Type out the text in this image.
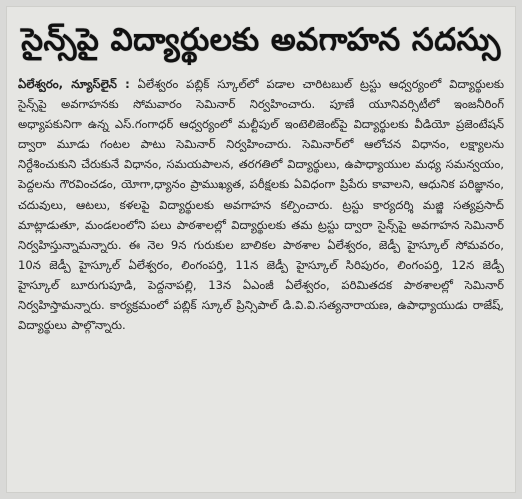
సైన్స్‌పై విద్యార్థులకు అవగాహన సదస్సు

ఏలేశ్వరం, న్యూస్‌లైన్ : ఏలేశ్వరం పబ్లిక్ స్కూల్‌లో పడాల చారిటబుల్ ట్రస్టు ఆధ్వర్యంలో విద్యార్థులకు సైన్స్‌పై అవగాహనకు సోమవారం సెమినార్ నిర్వహించారు. పూణే యూనివర్సిటీలో ఇంజనీరింగ్ అధ్యాపకునిగా ఉన్న ఎస్.గంగాధర్ ఆధ్వర్యంలో మల్టీపుల్ ఇంటెలిజెంట్‌పై విద్యార్థులకు వీడియో ప్రజెంటేషన్ ద్వారా మూడు గంటల పాటు సెమినార్ నిర్వహించారు. సెమినార్‌లో ఆలోచన విధానం, లక్ష్యాలను నిర్దేశించుకుని చేరుకునే విధానం, సమయపాలన, తరగతిలో విద్యార్థులు, ఉపాధ్యాయుల మధ్య సమన్వయం, పెద్దలను గౌరవించడం, యోగా,ధ్యానం ప్రాముఖ్యత, పరీక్షలకు ఏవిధంగా ప్రిపేరు కావాలని, ఆధునిక పరిజ్ఞానం, చదువులు, ఆటలు, కళలపై విద్యార్థులకు అవగాహన కల్పించారు. ట్రస్టు కార్యదర్శి మజ్జి సత్యప్రసాద్ మాట్లాడుతూ, మండలంలోని పలు పాఠశాలల్లో విద్యార్థులకు తమ ట్రస్టు ద్వారా సైన్స్‌పై అవగాహన సెమినార్ నిర్వహిస్తున్నామన్నారు. ఈ నెల 9న గురుకుల బాలికల పాఠశాల ఏలేశ్వరం, జెడ్పీ హైస్కూల్ సోమవరం, 10న జెడ్పీ హైస్కూల్ ఏలేశ్వరం, లింగంపర్తి, 11న జెడ్పీ హైస్కూల్ సిరిపురం, లింగంపర్తి, 12న జెడ్పీ హైస్కూల్ బూరుగుపూడి, పెద్దనాపల్లి, 13న ఏఎంజీ ఏలేశ్వరం, పరిమితదక పాఠశాలల్లో సెమినార్ నిర్వహిస్తామన్నారు. కార్యక్రమంలో పబ్లిక్ స్కూల్ ప్రిన్సిపాల్ డి.వి.వి.సత్యనారాయణ, ఉపాధ్యాయుడు రాజేష్, విద్యార్థులు పాల్గొన్నారు.
